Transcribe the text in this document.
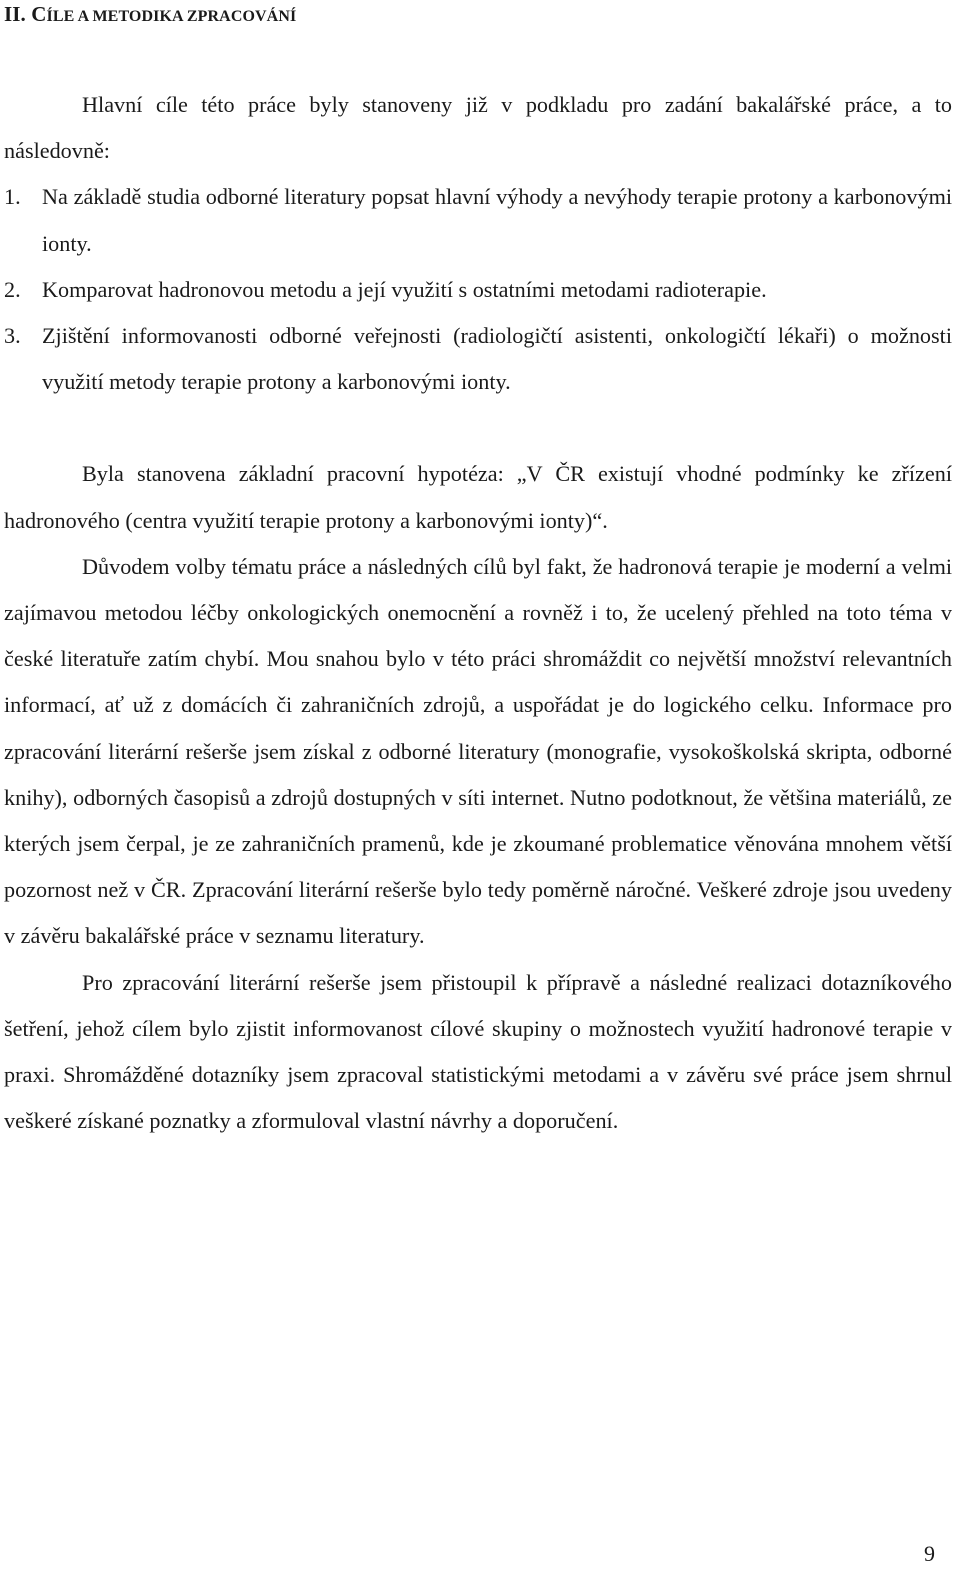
II. CÍLE A METODIKA ZPRACOVÁNÍ

Hlavní cíle této práce byly stanoveny již v podkladu pro zadání bakalářské práce, a to následovně:

1. Na základě studia odborné literatury popsat hlavní výhody a nevýhody terapie protony a karbonovými ionty.
2. Komparovat hadronovou metodu a její využití s ostatními metodami radioterapie.
3. Zjištění informovanosti odborné veřejnosti (radiologičtí asistenti, onkologičtí lékaři) o možnosti využití metody terapie protony a karbonovými ionty.

Byla stanovena základní pracovní hypotéza: „V ČR existují vhodné podmínky ke zřízení hadronového (centra využití terapie protony a karbonovými ionty)“.

Důvodem volby tématu práce a následných cílů byl fakt, že hadronová terapie je moderní a velmi zajímavou metodou léčby onkologických onemocnění a rovněž i to, že ucelený přehled na toto téma v české literatuře zatím chybí. Mou snahou bylo v této práci shromáždit co největší množství relevantních informací, ať už z domácích či zahraničních zdrojů, a uspořádat je do logického celku. Informace pro zpracování literární rešerše jsem získal z odborné literatury (monografie, vysokoškolská skripta, odborné knihy), odborných časopisů a zdrojů dostupných v síti internet. Nutno podotknout, že většina materiálů, ze kterých jsem čerpal, je ze zahraničních pramenů, kde je zkoumané problematice věnována mnohem větší pozornost než v ČR. Zpracování literární rešerše bylo tedy poměrně náročné. Veškeré zdroje jsou uvedeny v závěru bakalářské práce v seznamu literatury.

Pro zpracování literární rešerše jsem přistoupil k přípravě a následné realizaci dotazníkového šetření, jehož cílem bylo zjistit informovanost cílové skupiny o možnostech využití hadronové terapie v praxi. Shromážděné dotazníky jsem zpracoval statistickými metodami a v závěru své práce jsem shrnul veškeré získané poznatky a zformuloval vlastní návrhy a doporučení.

9
